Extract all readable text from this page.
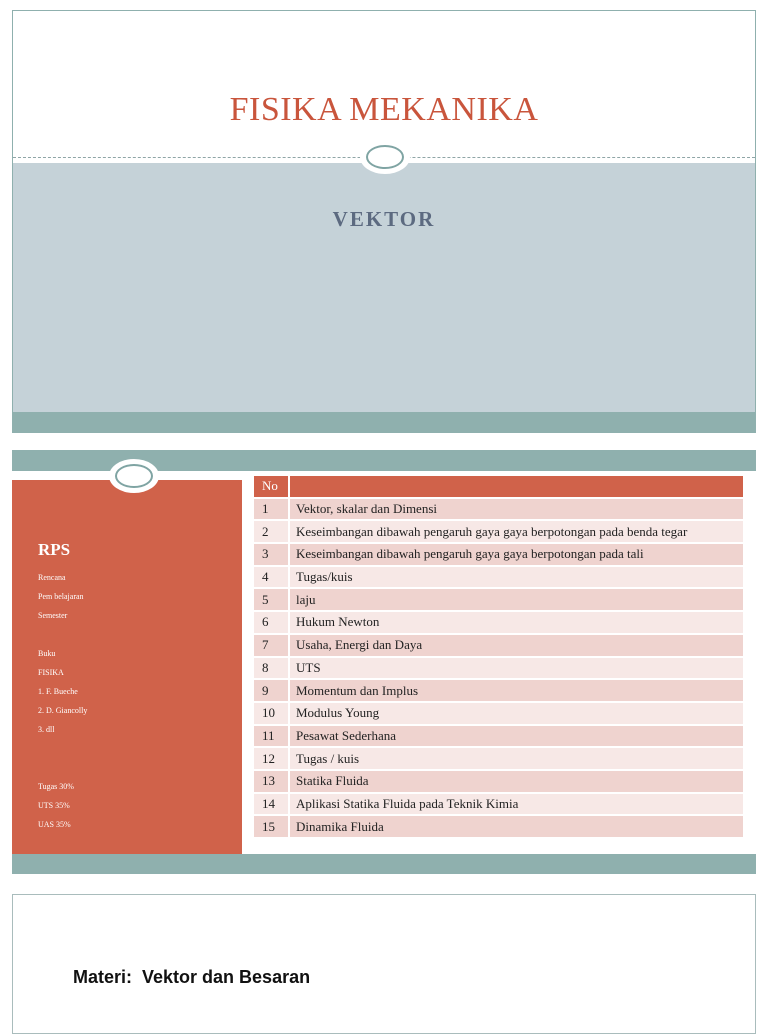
FISIKA MEKANIKA
VEKTOR
RPS
Rencana
Pem belajaran
Semester
Buku
FISIKA
1. F. Bueche
2. D. Giancolly
3. dll
Tugas 30%
UTS 35%
UAS 35%
No	
1	Vektor, skalar dan Dimensi
2	Keseimbangan dibawah pengaruh gaya gaya berpotongan pada benda tegar
3	Keseimbangan dibawah pengaruh gaya gaya berpotongan pada tali
4	Tugas/kuis
5	laju
6	Hukum Newton
7	Usaha, Energi dan Daya
8	UTS
9	Momentum dan Implus
10	Modulus Young
11	Pesawat Sederhana
12	Tugas / kuis
13	Statika Fluida
14	Aplikasi Statika Fluida pada Teknik Kimia
15	Dinamika Fluida
Materi:  Vektor dan Besaran
